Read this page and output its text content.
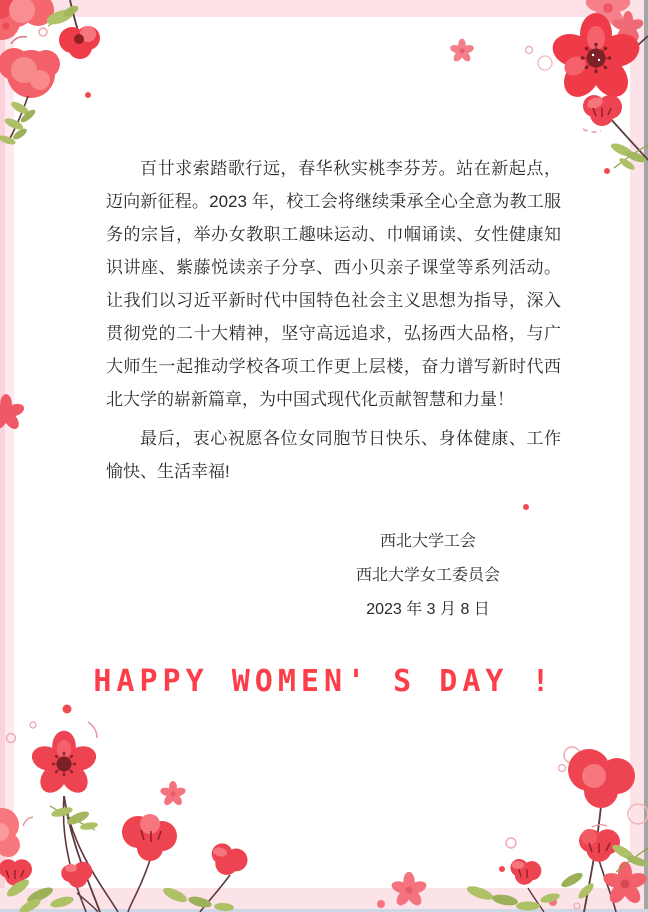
百廿求索踏歌行远，春华秋实桃李芬芳。站在新起点，迈向新征程。2023 年，校工会将继续秉承全心全意为教工服务的宗旨，举办女教职工趣味运动、巾帼诵读、女性健康知识讲座、紫藤悦读亲子分享、西小贝亲子课堂等系列活动。让我们以习近平新时代中国特色社会主义思想为指导，深入贯彻党的二十大精神，坚守高远追求，弘扬西大品格，与广大师生一起推动学校各项工作更上层楼，奋力谱写新时代西北大学的崭新篇章，为中国式现代化贡献智慧和力量！

最后，衷心祝愿各位女同胞节日快乐、身体健康、工作愉快、生活幸福!

西北大学工会
西北大学女工委员会
2023 年 3 月 8 日
HAPPY WOMEN' S DAY !
